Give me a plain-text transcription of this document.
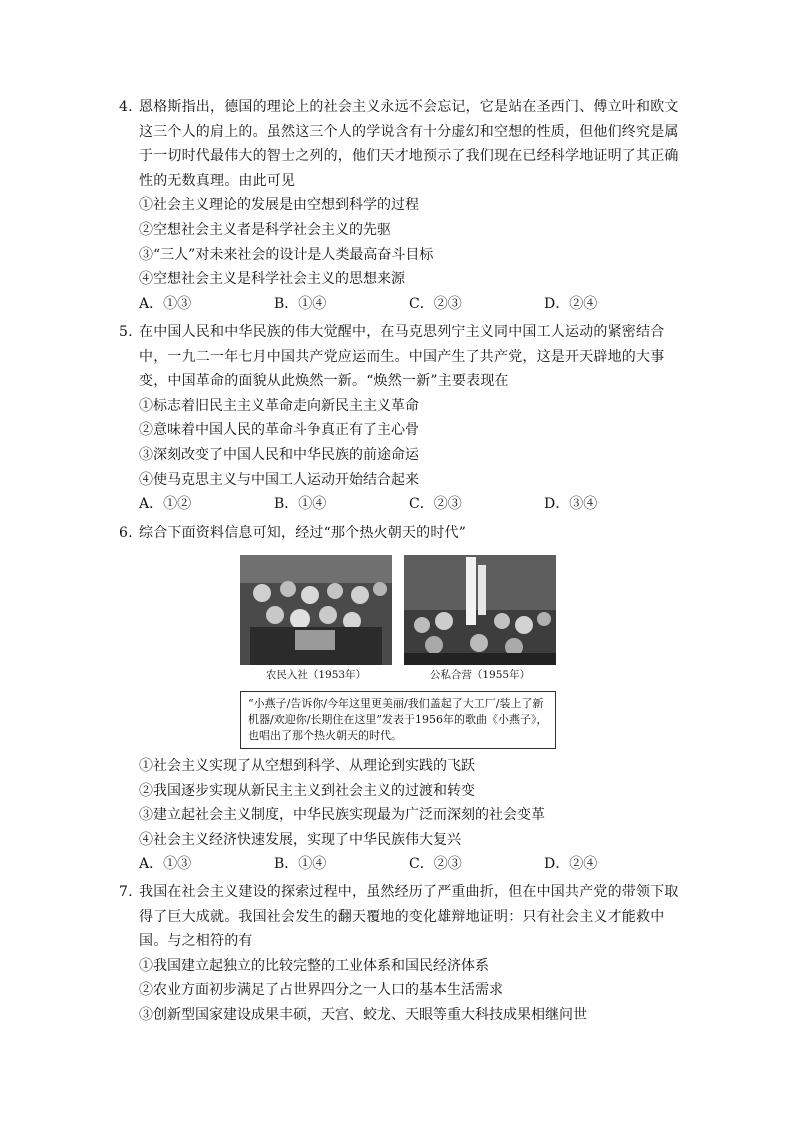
4. 恩格斯指出，德国的理论上的社会主义永远不会忘记，它是站在圣西门、傅立叶和欧文这三个人的肩上的。虽然这三个人的学说含有十分虚幻和空想的性质，但他们终究是属于一切时代最伟大的智士之列的，他们天才地预示了我们现在已经科学地证明了其正确性的无数真理。由此可见

①社会主义理论的发展是由空想到科学的过程
②空想社会主义者是科学社会主义的先驱
③“三人”对未来社会的设计是人类最高奋斗目标
④空想社会主义是科学社会主义的思想来源
A．①③	B．①④	C．②③	D．②④

5. 在中国人民和中华民族的伟大觉醒中，在马克思列宁主义同中国工人运动的紧密结合中，一九二一年七月中国共产党应运而生。中国产生了共产党，这是开天辟地的大事变，中国革命的面貌从此焕然一新。“焕然一新”主要表现在

①标志着旧民主主义革命走向新民主主义革命
②意味着中国人民的革命斗争真正有了主心骨
③深刻改变了中国人民和中华民族的前途命运
④使马克思主义与中国工人运动开始结合起来
A．①②	B．①④	C．②③	D．③④

6. 综合下面资料信息可知，经过“那个热火朝天的时代”

农民入社（1953年）	公私合营（1955年）
“小燕子/告诉你/今年这里更美丽/我们盖起了大工厂/装上了新机器/欢迎你/长期住在这里”发表于1956年的歌曲《小燕子》，也唱出了那个热火朝天的时代。
①社会主义实现了从空想到科学、从理论到实践的飞跃
②我国逐步实现从新民主主义到社会主义的过渡和转变
③建立起社会主义制度，中华民族实现最为广泛而深刻的社会变革
④社会主义经济快速发展，实现了中华民族伟大复兴
A．①③	B．①④	C．②③	D．②④

7. 我国在社会主义建设的探索过程中，虽然经历了严重曲折，但在中国共产党的带领下取得了巨大成就。我国社会发生的翻天覆地的变化雄辩地证明：只有社会主义才能救中国。与之相符的有

①我国建立起独立的比较完整的工业体系和国民经济体系
②农业方面初步满足了占世界四分之一人口的基本生活需求
③创新型国家建设成果丰硕，天宫、蛟龙、天眼等重大科技成果相继问世
